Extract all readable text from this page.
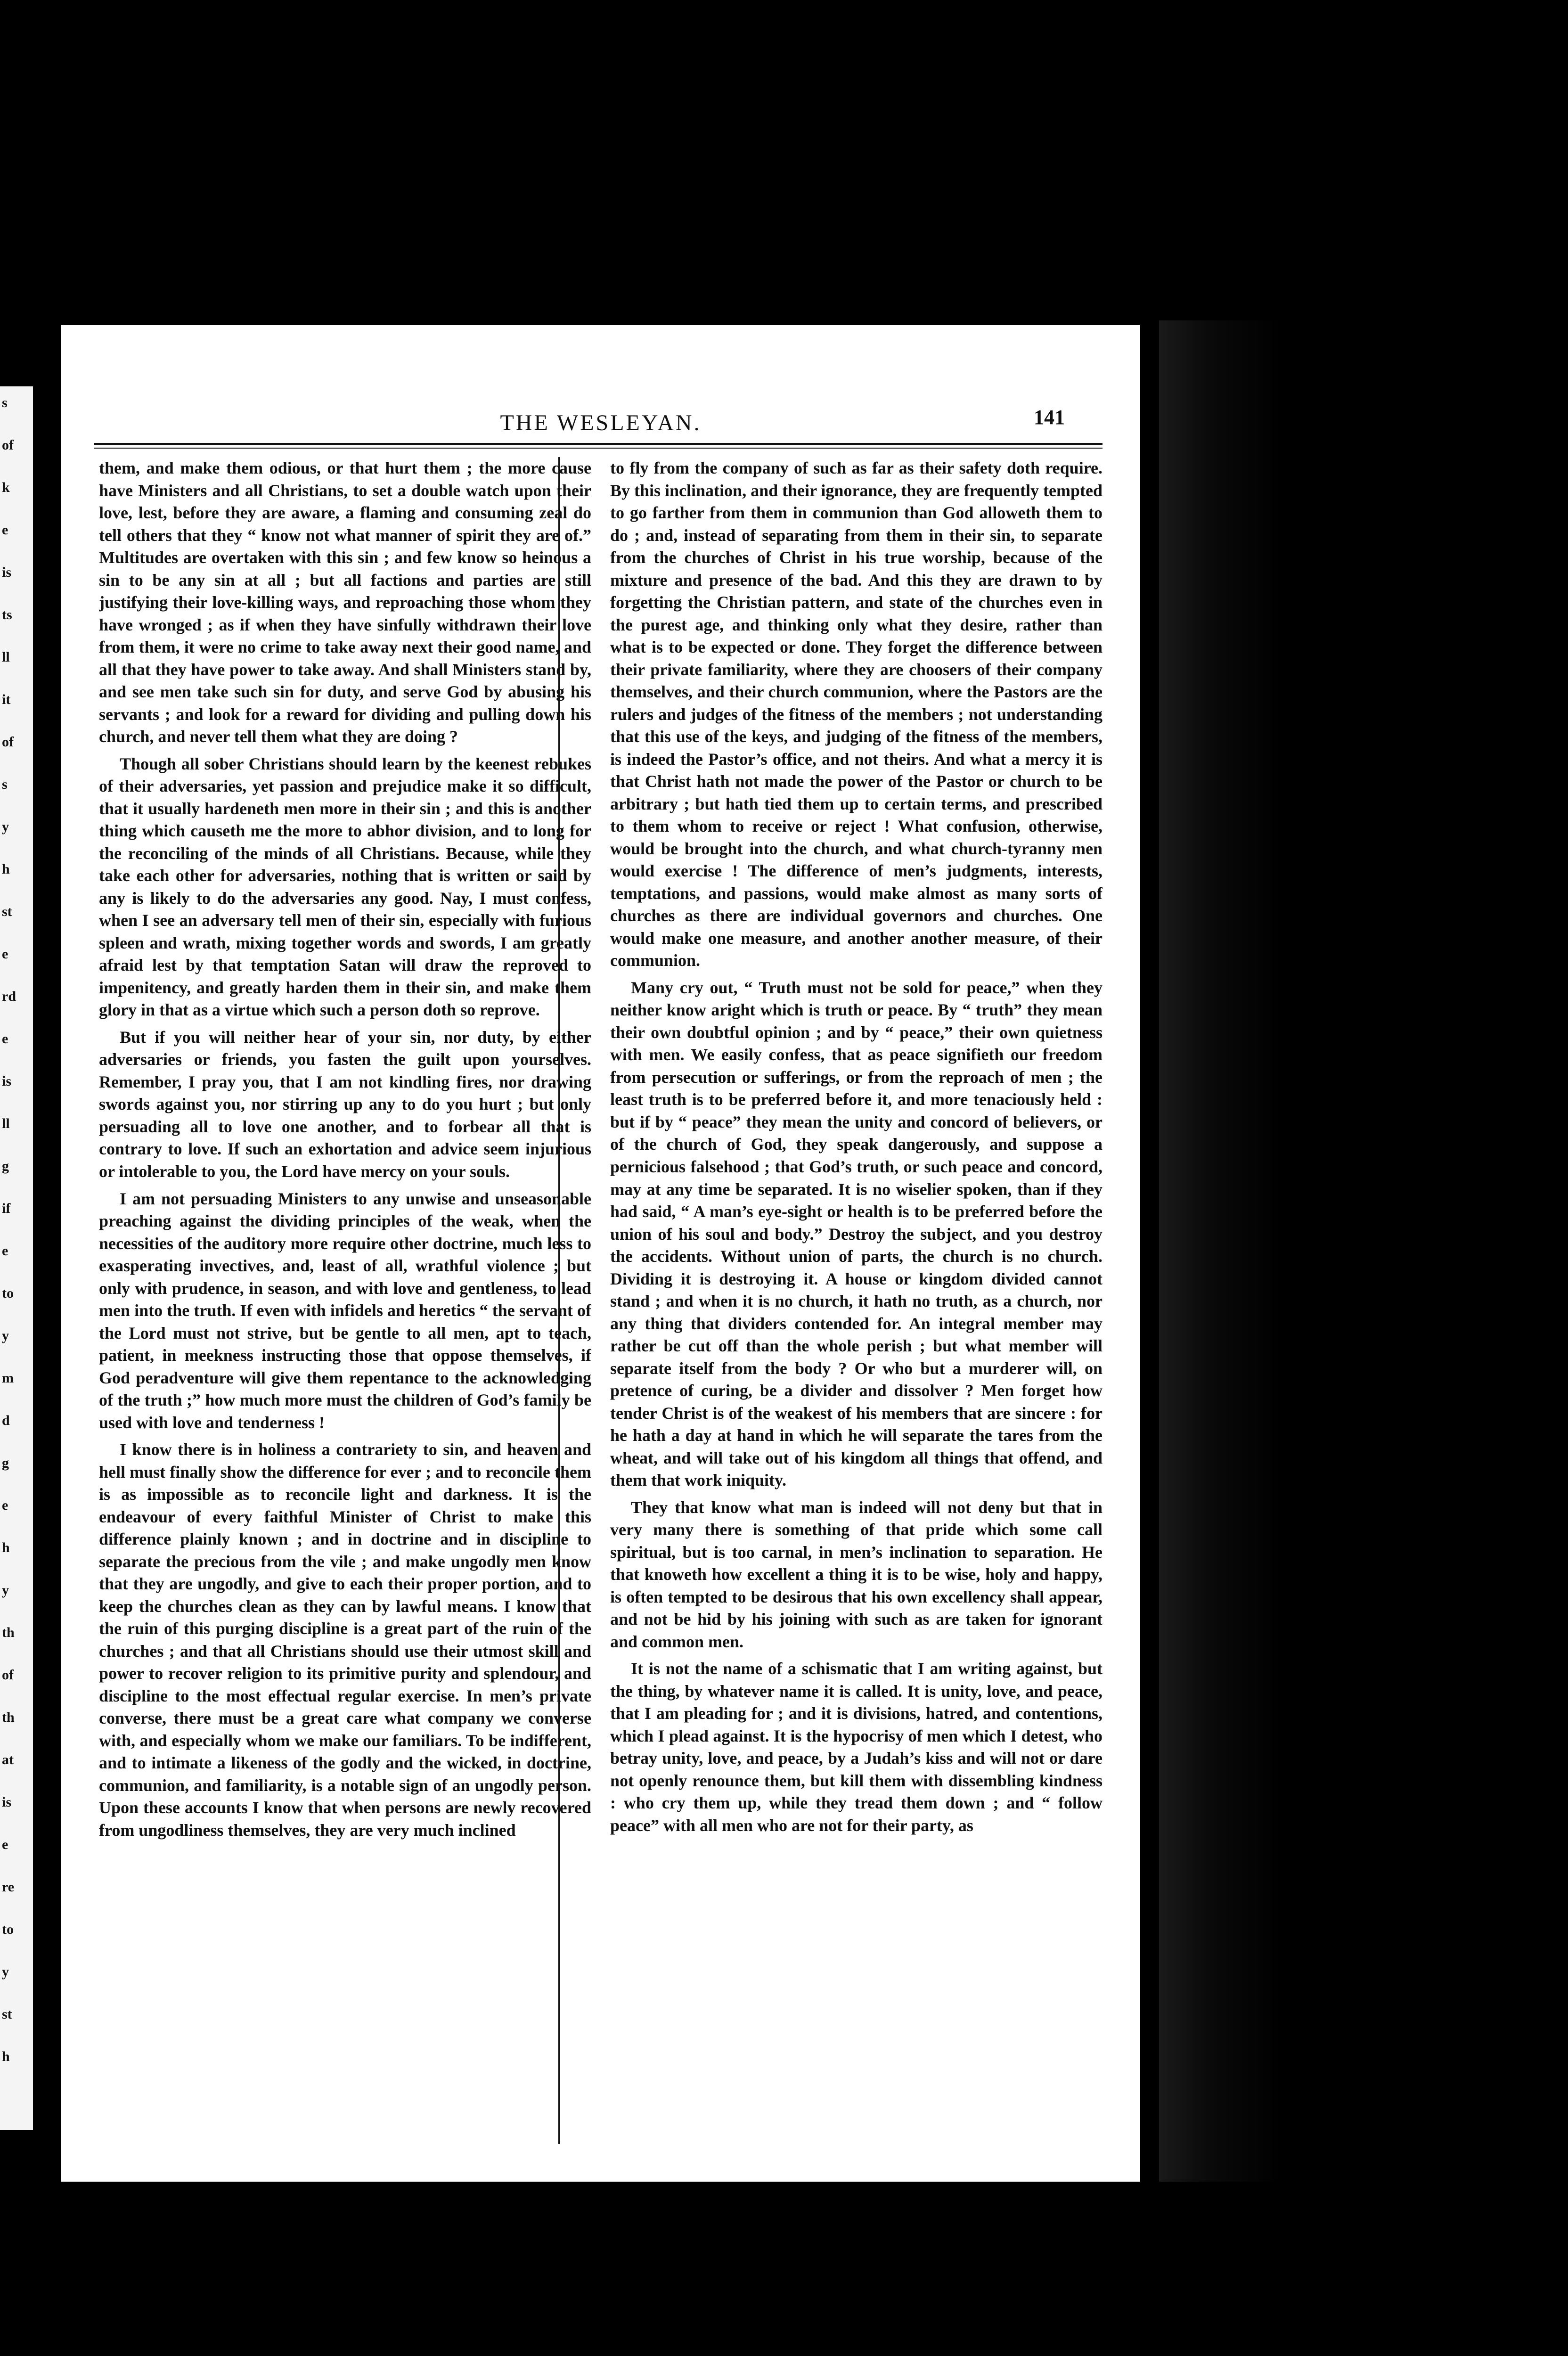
s
of
k
e
is
ts
ll
it
of
s
y
h
st
e
rd
e
is
ll
g
if
e
to
y
m
d
g
e
h
y
th
of
th
at
is
e
re
to
y
st
h
THE WESLEYAN.	141

them, and make them odious, or that hurt them ; the more cause have Ministers and all Christians, to set a double watch upon their love, lest, before they are aware, a flaming and consuming zeal do tell others that they “ know not what manner of spirit they are of.” Multitudes are overtaken with this sin ; and few know so heinous a sin to be any sin at all ; but all factions and parties are still justifying their love-killing ways, and reproaching those whom they have wronged ; as if when they have sinfully withdrawn their love from them, it were no crime to take away next their good name, and all that they have power to take away. And shall Ministers stand by, and see men take such sin for duty, and serve God by abusing his servants ; and look for a reward for dividing and pulling down his church, and never tell them what they are doing ?

Though all sober Christians should learn by the keenest rebukes of their adversaries, yet passion and prejudice make it so difficult, that it usually hardeneth men more in their sin ; and this is another thing which causeth me the more to abhor division, and to long for the reconciling of the minds of all Christians. Because, while they take each other for adversaries, nothing that is written or said by any is likely to do the adversaries any good. Nay, I must confess, when I see an adversary tell men of their sin, especially with furious spleen and wrath, mixing together words and swords, I am greatly afraid lest by that temptation Satan will draw the reproved to impenitency, and greatly harden them in their sin, and make them glory in that as a virtue which such a person doth so reprove.

But if you will neither hear of your sin, nor duty, by either adversaries or friends, you fasten the guilt upon yourselves. Remember, I pray you, that I am not kindling fires, nor drawing swords against you, nor stirring up any to do you hurt ; but only persuading all to love one another, and to forbear all that is contrary to love. If such an exhortation and advice seem injurious or intolerable to you, the Lord have mercy on your souls.

I am not persuading Ministers to any unwise and unseasonable preaching against the dividing principles of the weak, when the necessities of the auditory more require other doctrine, much less to exasperating invectives, and, least of all, wrathful violence ; but only with prudence, in season, and with love and gentleness, to lead men into the truth. If even with infidels and heretics “ the servant of the Lord must not strive, but be gentle to all men, apt to teach, patient, in meekness instructing those that oppose themselves, if God peradventure will give them repentance to the acknowledging of the truth ;” how much more must the children of God’s family be used with love and tenderness !

I know there is in holiness a contrariety to sin, and heaven and hell must finally show the difference for ever ; and to reconcile them is as impossible as to reconcile light and darkness. It is the endeavour of every faithful Minister of Christ to make this difference plainly known ; and in doctrine and in discipline to separate the precious from the vile ; and make ungodly men know that they are ungodly, and give to each their proper portion, and to keep the churches clean as they can by lawful means. I know that the ruin of this purging discipline is a great part of the ruin of the churches ; and that all Christians should use their utmost skill and power to recover religion to its primitive purity and splendour, and discipline to the most effectual regular exercise. In men’s private converse, there must be a great care what company we converse with, and especially whom we make our familiars. To be indifferent, and to intimate a likeness of the godly and the wicked, in doctrine, communion, and familiarity, is a notable sign of an ungodly person. Upon these accounts I know that when persons are newly recovered from ungodliness themselves, they are very much inclined

to fly from the company of such as far as their safety doth require. By this inclination, and their ignorance, they are frequently tempted to go farther from them in communion than God alloweth them to do ; and, instead of separating from them in their sin, to separate from the churches of Christ in his true worship, because of the mixture and presence of the bad. And this they are drawn to by forgetting the Christian pattern, and state of the churches even in the purest age, and thinking only what they desire, rather than what is to be expected or done. They forget the difference between their private familiarity, where they are choosers of their company themselves, and their church communion, where the Pastors are the rulers and judges of the fitness of the members ; not understanding that this use of the keys, and judging of the fitness of the members, is indeed the Pastor’s office, and not theirs. And what a mercy it is that Christ hath not made the power of the Pastor or church to be arbitrary ; but hath tied them up to certain terms, and prescribed to them whom to receive or reject ! What confusion, otherwise, would be brought into the church, and what church-tyranny men would exercise ! The difference of men’s judgments, interests, temptations, and passions, would make almost as many sorts of churches as there are individual governors and churches. One would make one measure, and another another measure, of their communion.

Many cry out, “ Truth must not be sold for peace,” when they neither know aright which is truth or peace. By “ truth” they mean their own doubtful opinion ; and by “ peace,” their own quietness with men. We easily confess, that as peace signifieth our freedom from persecution or sufferings, or from the reproach of men ; the least truth is to be preferred before it, and more tenaciously held : but if by “ peace” they mean the unity and concord of believers, or of the church of God, they speak dangerously, and suppose a pernicious falsehood ; that God’s truth, or such peace and concord, may at any time be separated. It is no wiselier spoken, than if they had said, “ A man’s eye-sight or health is to be preferred before the union of his soul and body.” Destroy the subject, and you destroy the accidents. Without union of parts, the church is no church. Dividing it is destroying it. A house or kingdom divided cannot stand ; and when it is no church, it hath no truth, as a church, nor any thing that dividers contended for. An integral member may rather be cut off than the whole perish ; but what member will separate itself from the body ? Or who but a murderer will, on pretence of curing, be a divider and dissolver ? Men forget how tender Christ is of the weakest of his members that are sincere : for he hath a day at hand in which he will separate the tares from the wheat, and will take out of his kingdom all things that offend, and them that work iniquity.

They that know what man is indeed will not deny but that in very many there is something of that pride which some call spiritual, but is too carnal, in men’s inclination to separation. He that knoweth how excellent a thing it is to be wise, holy and happy, is often tempted to be desirous that his own excellency shall appear, and not be hid by his joining with such as are taken for ignorant and common men.

It is not the name of a schismatic that I am writing against, but the thing, by whatever name it is called. It is unity, love, and peace, that I am pleading for ; and it is divisions, hatred, and contentions, which I plead against. It is the hypocrisy of men which I detest, who betray unity, love, and peace, by a Judah’s kiss and will not or dare not openly renounce them, but kill them with dissembling kindness : who cry them up, while they tread them down ; and “ follow peace” with all men who are not for their party, as
